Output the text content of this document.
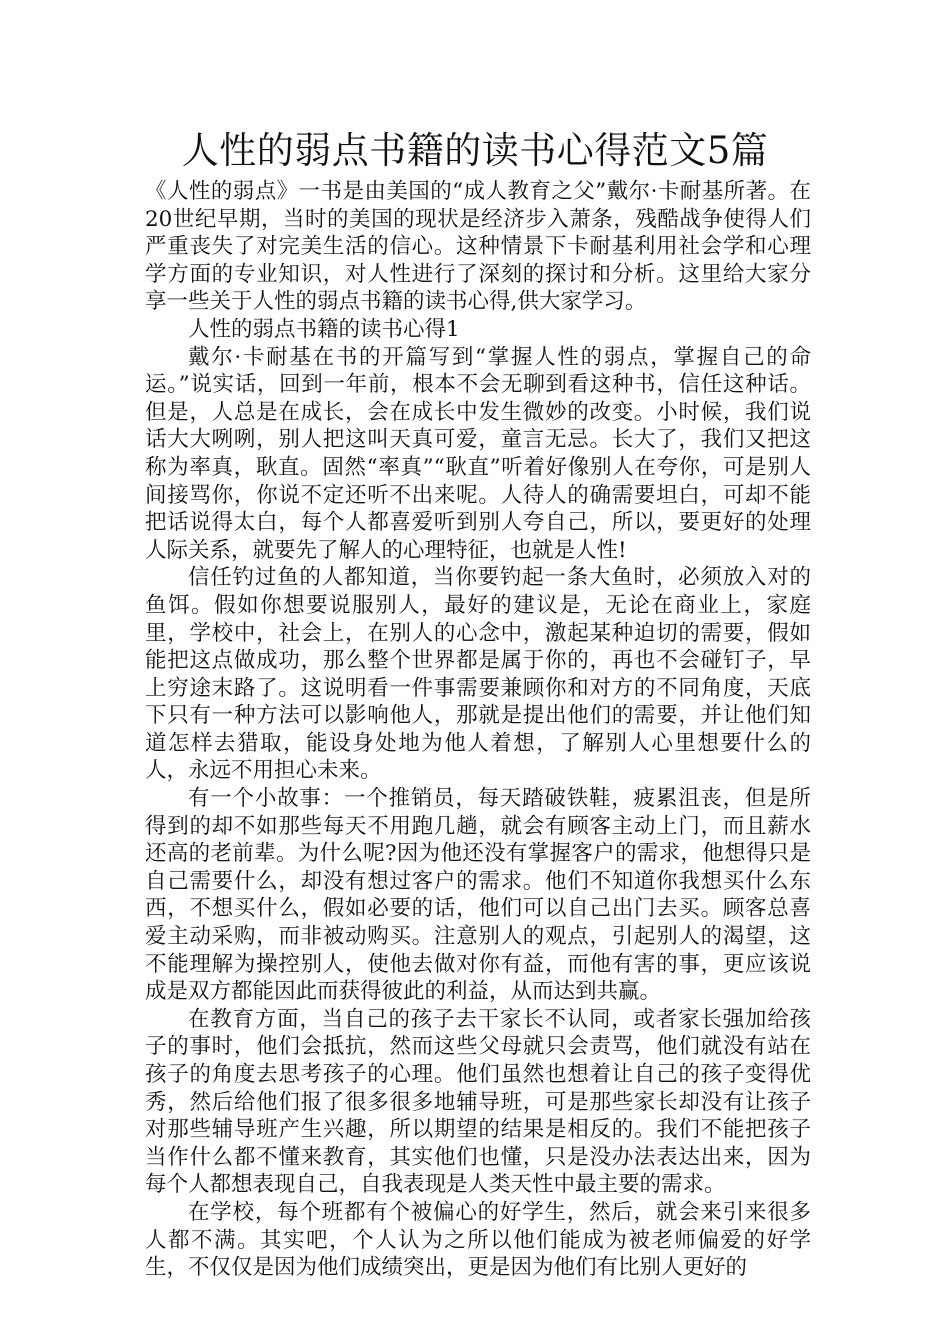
人性的弱点书籍的读书心得范文5篇

《人性的弱点》一书是由美国的“成人教育之父”戴尔·卡耐基所著。在20世纪早期，当时的美国的现状是经济步入萧条，残酷战争使得人们严重丧失了对完美生活的信心。这种情景下卡耐基利用社会学和心理学方面的专业知识，对人性进行了深刻的探讨和分析。这里给大家分享一些关于人性的弱点书籍的读书心得,供大家学习。

人性的弱点书籍的读书心得1

戴尔·卡耐基在书的开篇写到“掌握人性的弱点，掌握自己的命运。”说实话，回到一年前，根本不会无聊到看这种书，信任这种话。但是，人总是在成长，会在成长中发生微妙的改变。小时候，我们说话大大咧咧，别人把这叫天真可爱，童言无忌。长大了，我们又把这称为率真，耿直。固然“率真”“耿直”听着好像别人在夸你，可是别人间接骂你，你说不定还听不出来呢。人待人的确需要坦白，可却不能把话说得太白，每个人都喜爱听到别人夸自己，所以，要更好的处理人际关系，就要先了解人的心理特征，也就是人性!

信任钓过鱼的人都知道，当你要钓起一条大鱼时，必须放入对的鱼饵。假如你想要说服别人，最好的建议是，无论在商业上，家庭里，学校中，社会上，在别人的心念中，激起某种迫切的需要，假如能把这点做成功，那么整个世界都是属于你的，再也不会碰钉子，早上穷途末路了。这说明看一件事需要兼顾你和对方的不同角度，天底下只有一种方法可以影响他人，那就是提出他们的需要，并让他们知道怎样去猎取，能设身处地为他人着想，了解别人心里想要什么的人，永远不用担心未来。

有一个小故事：一个推销员，每天踏破铁鞋，疲累沮丧，但是所得到的却不如那些每天不用跑几趟，就会有顾客主动上门，而且薪水还高的老前辈。为什么呢?因为他还没有掌握客户的需求，他想得只是自己需要什么，却没有想过客户的需求。他们不知道你我想买什么东西，不想买什么，假如必要的话，他们可以自己出门去买。顾客总喜爱主动采购，而非被动购买。注意别人的观点，引起别人的渴望，这不能理解为操控别人，使他去做对你有益，而他有害的事，更应该说成是双方都能因此而获得彼此的利益，从而达到共赢。

在教育方面，当自己的孩子去干家长不认同，或者家长强加给孩子的事时，他们会抵抗，然而这些父母就只会责骂，他们就没有站在孩子的角度去思考孩子的心理。他们虽然也想着让自己的孩子变得优秀，然后给他们报了很多很多地辅导班，可是那些家长却没有让孩子对那些辅导班产生兴趣，所以期望的结果是相反的。我们不能把孩子当作什么都不懂来教育，其实他们也懂，只是没办法表达出来，因为每个人都想表现自己，自我表现是人类天性中最主要的需求。

在学校，每个班都有个被偏心的好学生，然后，就会来引来很多人都不满。其实吧，个人认为之所以他们能成为被老师偏爱的好学生，不仅仅是因为他们成绩突出，更是因为他们有比别人更好的
